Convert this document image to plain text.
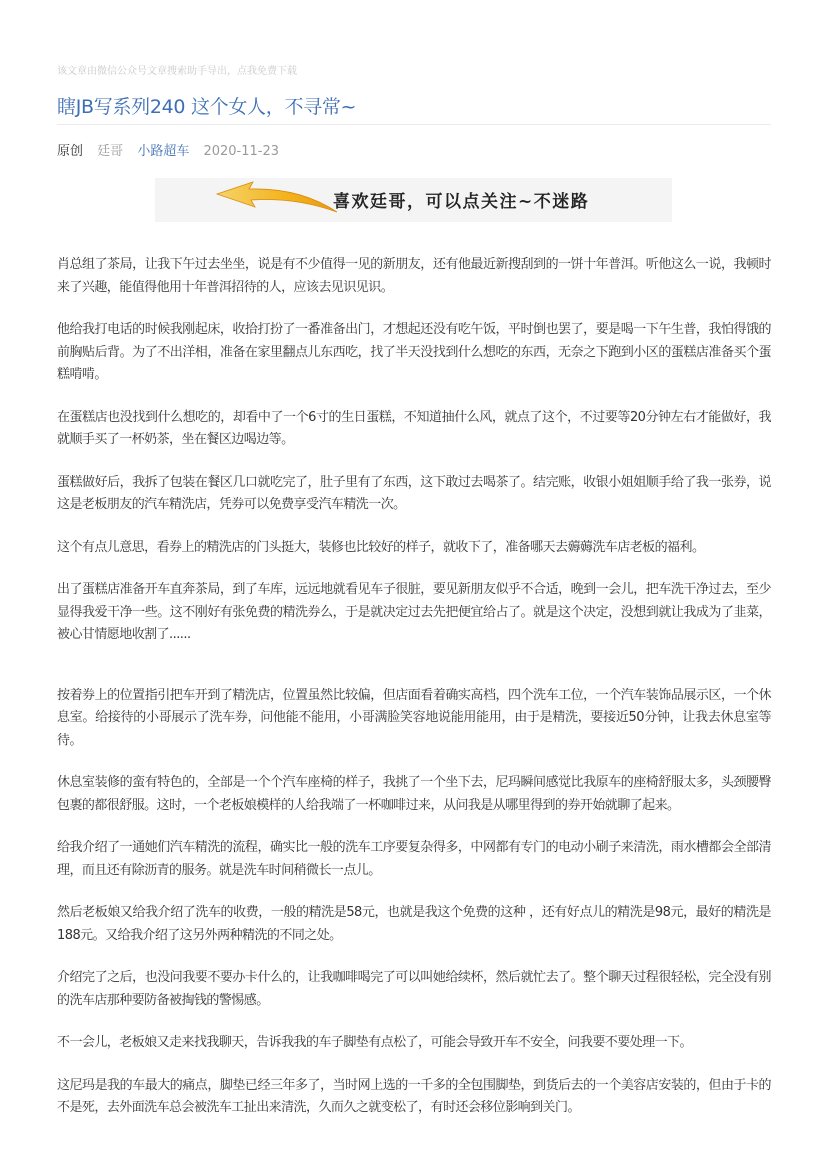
该文章由微信公众号文章搜索助手导出，点我免费下载
瞎JB写系列240 这个女人，不寻常~
原创 廷哥 小路超车 2020-11-23
喜欢廷哥，可以点关注~不迷路

肖总组了茶局，让我下午过去坐坐，说是有不少值得一见的新朋友，还有他最近新搜刮到的一饼十年普洱。听他这么一说，我顿时来了兴趣，能值得他用十年普洱招待的人，应该去见识见识。

他给我打电话的时候我刚起床，收拾打扮了一番准备出门，才想起还没有吃午饭，平时倒也罢了，要是喝一下午生普，我怕得饿的前胸贴后背。为了不出洋相，准备在家里翻点儿东西吃，找了半天没找到什么想吃的东西，无奈之下跑到小区的蛋糕店准备买个蛋糕啃啃。

在蛋糕店也没找到什么想吃的，却看中了一个6寸的生日蛋糕，不知道抽什么风，就点了这个，不过要等20分钟左右才能做好，我就顺手买了一杯奶茶，坐在餐区边喝边等。

蛋糕做好后，我拆了包装在餐区几口就吃完了，肚子里有了东西，这下敢过去喝茶了。结完账，收银小姐姐顺手给了我一张券，说这是老板朋友的汽车精洗店，凭券可以免费享受汽车精洗一次。

这个有点儿意思，看券上的精洗店的门头挺大，装修也比较好的样子，就收下了，准备哪天去薅薅洗车店老板的福利。

出了蛋糕店准备开车直奔茶局，到了车库，远远地就看见车子很脏，要见新朋友似乎不合适，晚到一会儿，把车洗干净过去，至少显得我爱干净一些。这不刚好有张免费的精洗券么，于是就决定过去先把便宜给占了。就是这个决定，没想到就让我成为了韭菜，被心甘情愿地收割了......

按着券上的位置指引把车开到了精洗店，位置虽然比较偏，但店面看着确实高档，四个洗车工位，一个汽车装饰品展示区，一个休息室。给接待的小哥展示了洗车券，问他能不能用，小哥满脸笑容地说能用能用，由于是精洗，要接近50分钟，让我去休息室等待。

休息室装修的蛮有特色的，全部是一个个汽车座椅的样子，我挑了一个坐下去，尼玛瞬间感觉比我原车的座椅舒服太多，头颈腰臀包裹的都很舒服。这时，一个老板娘模样的人给我端了一杯咖啡过来，从问我是从哪里得到的券开始就聊了起来。

给我介绍了一通她们汽车精洗的流程，确实比一般的洗车工序要复杂得多，中网都有专门的电动小刷子来清洗，雨水槽都会全部清理，而且还有除沥青的服务。就是洗车时间稍微长一点儿。

然后老板娘又给我介绍了洗车的收费，一般的精洗是58元，也就是我这个免费的这种 ，还有好点儿的精洗是98元，最好的精洗是188元。又给我介绍了这另外两种精洗的不同之处。

介绍完了之后，也没问我要不要办卡什么的，让我咖啡喝完了可以叫她给续杯，然后就忙去了。整个聊天过程很轻松，完全没有别的洗车店那种要防备被掏钱的警惕感。

不一会儿，老板娘又走来找我聊天，告诉我我的车子脚垫有点松了，可能会导致开车不安全，问我要不要处理一下。

这尼玛是我的车最大的痛点，脚垫已经三年多了，当时网上选的一千多的全包围脚垫，到货后去的一个美容店安装的，但由于卡的不是死，去外面洗车总会被洗车工扯出来清洗，久而久之就变松了，有时还会移位影响到关门。
